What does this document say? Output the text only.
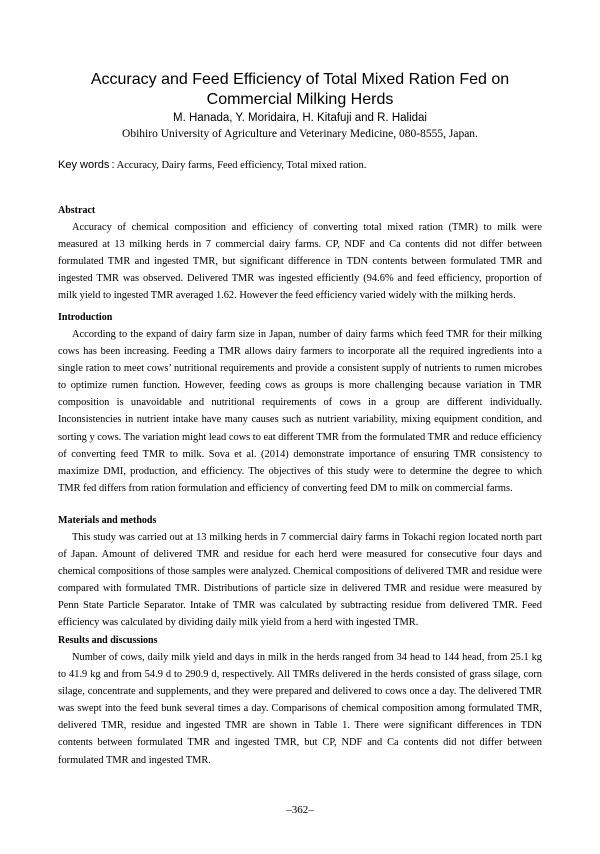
Accuracy and Feed Efficiency of Total Mixed Ration Fed on
Commercial Milking Herds
M. Hanada, Y. Moridaira, H. Kitafuji and R. Halidai
Obihiro University of Agriculture and Veterinary Medicine, 080-8555, Japan.
Key words : Accuracy, Dairy farms, Feed efficiency, Total mixed ration.
Abstract

Accuracy of chemical composition and efficiency of converting total mixed ration (TMR) to milk were measured at 13 milking herds in 7 commercial dairy farms. CP, NDF and Ca contents did not differ between formulated TMR and ingested TMR, but significant difference in TDN contents between formulated TMR and ingested TMR was observed. Delivered TMR was ingested efficiently (94.6% and feed efficiency, proportion of milk yield to ingested TMR averaged 1.62. However the feed efficiency varied widely with the milking herds.

Introduction

According to the expand of dairy farm size in Japan, number of dairy farms which feed TMR for their milking cows has been increasing. Feeding a TMR allows dairy farmers to incorporate all the required ingredients into a single ration to meet cows’ nutritional requirements and provide a consistent supply of nutrients to rumen microbes to optimize rumen function. However, feeding cows as groups is more challenging because variation in TMR composition is unavoidable and nutritional requirements of cows in a group are different individually. Inconsistencies in nutrient intake have many causes such as nutrient variability, mixing equipment condition, and sorting y cows. The variation might lead cows to eat different TMR from the formulated TMR and reduce efficiency of converting feed TMR to milk. Sova et al. (2014) demonstrate importance of ensuring TMR consistency to maximize DMI, production, and efficiency. The objectives of this study were to determine the degree to which TMR fed differs from ration formulation and efficiency of converting feed DM to milk on commercial farms.

Materials and methods

This study was carried out at 13 milking herds in 7 commercial dairy farms in Tokachi region located north part of Japan. Amount of delivered TMR and residue for each herd were measured for consecutive four days and chemical compositions of those samples were analyzed. Chemical compositions of delivered TMR and residue were compared with formulated TMR. Distributions of particle size in delivered TMR and residue were measured by Penn State Particle Separator. Intake of TMR was calculated by subtracting residue from delivered TMR. Feed efficiency was calculated by dividing daily milk yield from a herd with ingested TMR.

Results and discussions

Number of cows, daily milk yield and days in milk in the herds ranged from 34 head to 144 head, from 25.1 kg to 41.9 kg and from 54.9 d to 290.9 d, respectively. All TMRs delivered in the herds consisted of grass silage, corn silage, concentrate and supplements, and they were prepared and delivered to cows once a day. The delivered TMR was swept into the feed bunk several times a day. Comparisons of chemical composition among formulated TMR, delivered TMR, residue and ingested TMR are shown in Table 1. There were significant differences in TDN contents between formulated TMR and ingested TMR, but CP, NDF and Ca contents did not differ between formulated TMR and ingested TMR.

–362–
